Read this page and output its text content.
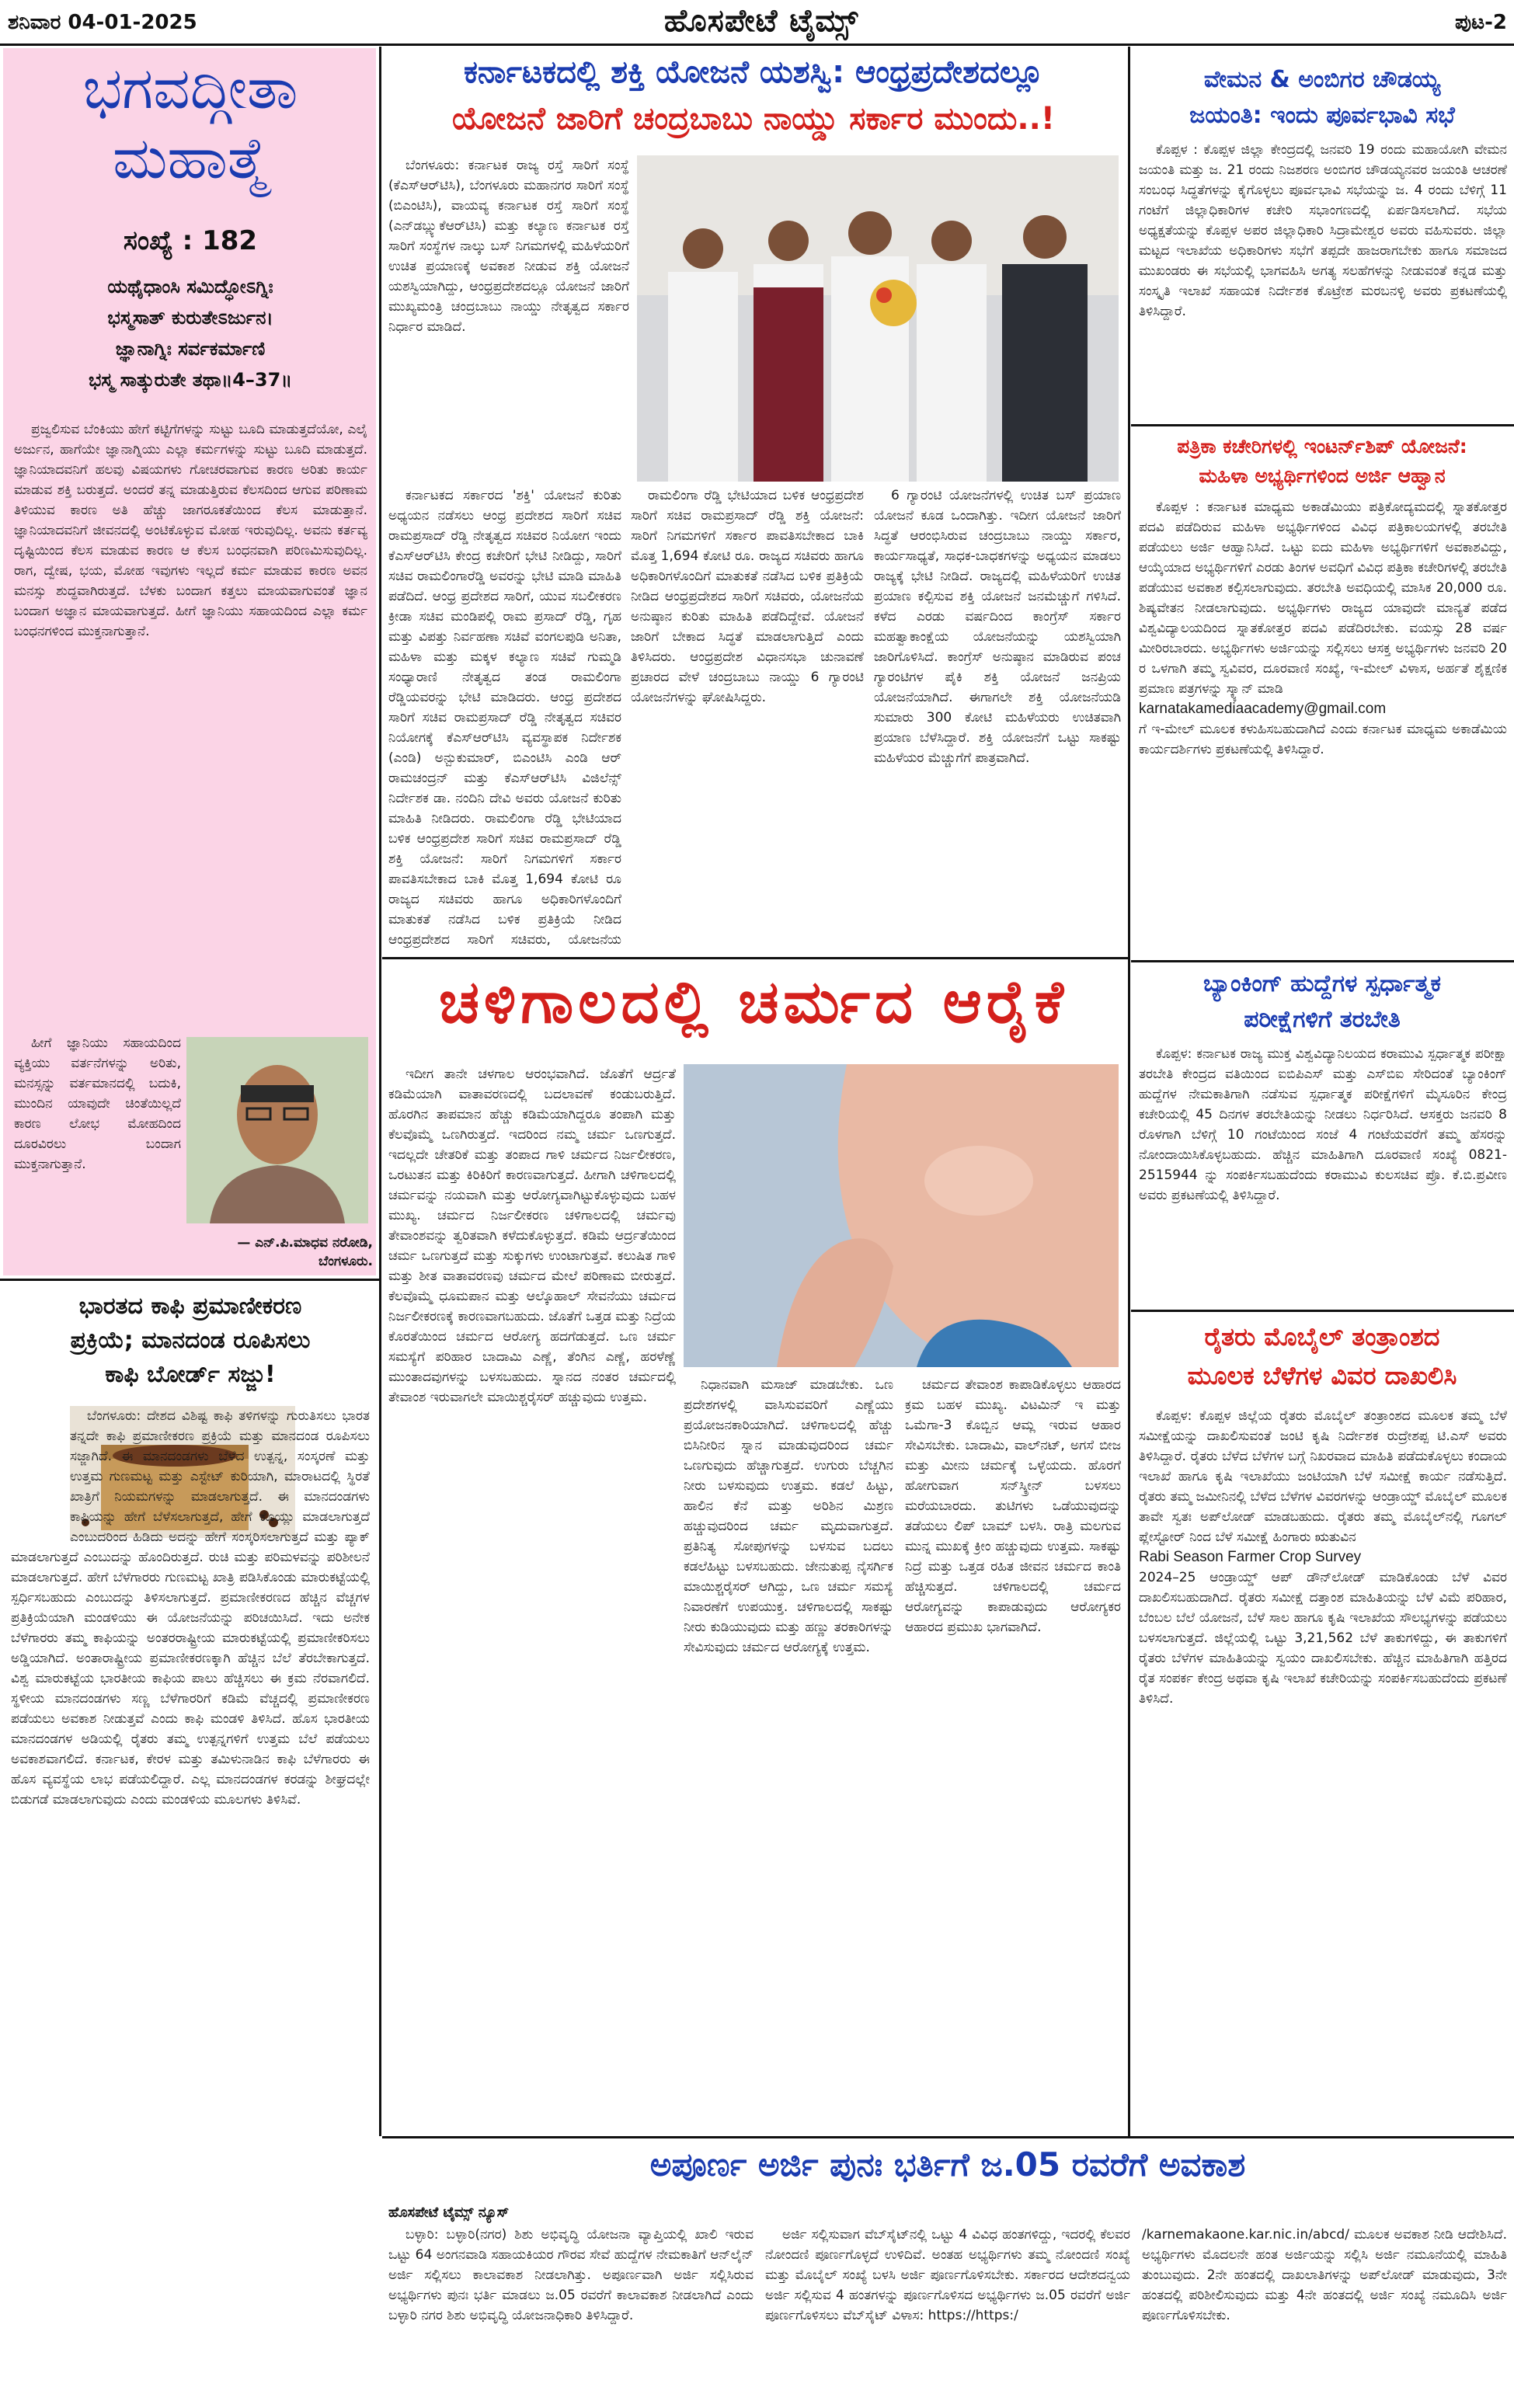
ಶನಿವಾರ 04-01-2025	ಹೊಸಪೇಟೆ ಟೈಮ್ಸ್	ಪುಟ-2
ಭಗವದ್ಗೀತಾ
ಮಹಾತ್ಮೆ
ಸಂಖ್ಯೆ : 182
ಯಥೈಧಾಂಸಿ ಸಮಿದ್ಧೋಽಗ್ನಿಃ
ಭಸ್ಮಸಾತ್ ಕುರುತೇಽರ್ಜುನ।
ಜ್ಞಾನಾಗ್ನಿಃ ಸರ್ವಕರ್ಮಾಣಿ
ಭಸ್ಮ ಸಾತ್ಕುರುತೇ ತಥಾ॥4–37॥

ಪ್ರಜ್ವಲಿಸುವ ಬೆಂಕಿಯು ಹೇಗೆ ಕಟ್ಟಿಗೆಗಳನ್ನು ಸುಟ್ಟು ಬೂದಿ ಮಾಡುತ್ತದೆಯೋ, ಎಲೈ ಅರ್ಜುನ, ಹಾಗೆಯೇ ಜ್ಞಾನಾಗ್ನಿಯು ಎಲ್ಲಾ ಕರ್ಮಗಳನ್ನು ಸುಟ್ಟು ಬೂದಿ ಮಾಡುತ್ತದೆ. ಜ್ಞಾನಿಯಾದವನಿಗೆ ಹಲವು ವಿಷಯಗಳು ಗೋಚರವಾಗುವ ಕಾರಣ ಅರಿತು ಕಾರ್ಯ ಮಾಡುವ ಶಕ್ತಿ ಬರುತ್ತದೆ. ಅಂದರೆ ತನ್ನ ಮಾಡುತ್ತಿರುವ ಕೆಲಸದಿಂದ ಆಗುವ ಪರಿಣಾಮ ತಿಳಿಯುವ ಕಾರಣ ಅತಿ ಹೆಚ್ಚು ಜಾಗರೂಕತೆಯಿಂದ ಕೆಲಸ ಮಾಡುತ್ತಾನೆ. ಜ್ಞಾನಿಯಾದವನಿಗೆ ಜೀವನದಲ್ಲಿ ಅಂಟಿಕೊಳ್ಳುವ ಮೋಹ ಇರುವುದಿಲ್ಲ. ಅವನು ಕರ್ತವ್ಯ ದೃಷ್ಟಿಯಿಂದ ಕೆಲಸ ಮಾಡುವ ಕಾರಣ ಆ ಕೆಲಸ ಬಂಧನವಾಗಿ ಪರಿಣಮಿಸುವುದಿಲ್ಲ. ರಾಗ, ದ್ವೇಷ, ಭಯ, ಮೋಹ ಇವುಗಳು ಇಲ್ಲದೆ ಕರ್ಮ ಮಾಡುವ ಕಾರಣ ಅವನ ಮನಸ್ಸು ಶುದ್ಧವಾಗಿರುತ್ತದೆ. ಬೆಳಕು ಬಂದಾಗ ಕತ್ತಲು ಮಾಯವಾಗುವಂತೆ ಜ್ಞಾನ ಬಂದಾಗ ಅಜ್ಞಾನ ಮಾಯವಾಗುತ್ತದೆ. ಹೀಗೆ ಜ್ಞಾನಿಯು ಸಹಾಯದಿಂದ ಎಲ್ಲಾ ಕರ್ಮ ಬಂಧನಗಳಿಂದ ಮುಕ್ತನಾಗುತ್ತಾನೆ.

ಹೀಗೆ ಜ್ಞಾನಿಯು ಸಹಾಯದಿಂದ ವ್ಯಕ್ತಿಯು ವರ್ತನೆಗಳನ್ನು ಅರಿತು, ಮನಸ್ಸನ್ನು ವರ್ತಮಾನದಲ್ಲಿ ಬದುಕಿ, ಮುಂದಿನ ಯಾವುದೇ ಚಿಂತೆಯಿಲ್ಲದೆ ಕಾರಣ ಲೋಭ ಮೋಹದಿಂದ ದೂರವಿರಲು ಬಂದಾಗ ಮುಕ್ತನಾಗುತ್ತಾನೆ.

— ಎನ್.ಪಿ.ಮಾಧವ ನರೋಡಿ,
ಬೆಂಗಳೂರು.
ಭಾರತದ ಕಾಫಿ ಪ್ರಮಾಣೀಕರಣ
ಪ್ರಕ್ರಿಯೆ; ಮಾನದಂಡ ರೂಪಿಸಲು
ಕಾಫಿ ಬೋರ್ಡ್ ಸಜ್ಜು!

ಬೆಂಗಳೂರು: ದೇಶದ ವಿಶಿಷ್ಟ ಕಾಫಿ ತಳಿಗಳನ್ನು ಗುರುತಿಸಲು ಭಾರತ ತನ್ನದೇ ಕಾಫಿ ಪ್ರಮಾಣೀಕರಣ ಪ್ರಕ್ರಿಯೆ ಮತ್ತು ಮಾನದಂಡ ರೂಪಿಸಲು ಸಜ್ಜಾಗಿದೆ. ಈ ಮಾನದಂಡಗಳು ಬೆಳೆದ ಉತ್ಪನ್ನ, ಸಂಸ್ಕರಣೆ ಮತ್ತು ಉತ್ತಮ ಗುಣಮಟ್ಟ ಮತ್ತು ಎಸ್ಟೇಟ್ ಕುರಿಯಾಗಿ, ಮಾರಾಟದಲ್ಲಿ ಸ್ಥಿರತೆ ಖಾತ್ರಿಗೆ ನಿಯಮಗಳನ್ನು ಮಾಡಲಾಗುತ್ತದೆ. ಈ ಮಾನದಂಡಗಳು ಕಾಫಿಯನ್ನು ಹೇಗೆ ಬೆಳೆಸಲಾಗುತ್ತದೆ, ಹೇಗೆ ಕೊಯ್ಲು ಮಾಡಲಾಗುತ್ತದೆ ಎಂಬುದರಿಂದ ಹಿಡಿದು ಅದನ್ನು ಹೇಗೆ ಸಂಸ್ಕರಿಸಲಾಗುತ್ತದೆ ಮತ್ತು ಪ್ಯಾಕ್ ಮಾಡಲಾಗುತ್ತದೆ ಎಂಬುದನ್ನು ಹೊಂದಿರುತ್ತದೆ. ರುಚಿ ಮತ್ತು ಪರಿಮಳವನ್ನು ಪರಿಶೀಲನೆ ಮಾಡಲಾಗುತ್ತದೆ. ಹೇಗೆ ಬೆಳೆಗಾರರು ಗುಣಮಟ್ಟ ಖಾತ್ರಿ ಪಡಿಸಿಕೊಂಡು ಮಾರುಕಟ್ಟೆಯಲ್ಲಿ ಸ್ಪರ್ಧಿಸಬಹುದು ಎಂಬುದನ್ನು ತಿಳಿಸಲಾಗುತ್ತದೆ. ಪ್ರಮಾಣೀಕರಣದ ಹೆಚ್ಚಿನ ವೆಚ್ಚಗಳ ಪ್ರತಿಕ್ರಿಯೆಯಾಗಿ ಮಂಡಳಿಯು ಈ ಯೋಜನೆಯನ್ನು ಪರಿಚಯಿಸಿದೆ. ಇದು ಅನೇಕ ಬೆಳೆಗಾರರು ತಮ್ಮ ಕಾಫಿಯನ್ನು ಅಂತರರಾಷ್ಟ್ರೀಯ ಮಾರುಕಟ್ಟೆಯಲ್ಲಿ ಪ್ರಮಾಣೀಕರಿಸಲು ಅಡ್ಡಿಯಾಗಿದೆ. ಅಂತಾರಾಷ್ಟ್ರೀಯ ಪ್ರಮಾಣೀಕರಣಕ್ಕಾಗಿ ಹೆಚ್ಚಿನ ಬೆಲೆ ತೆರಬೇಕಾಗುತ್ತದೆ. ವಿಶ್ವ ಮಾರುಕಟ್ಟೆಯ ಭಾರತೀಯ ಕಾಫಿಯ ಪಾಲು ಹೆಚ್ಚಿಸಲು ಈ ಕ್ರಮ ನೆರವಾಗಲಿದೆ. ಸ್ಥಳೀಯ ಮಾನದಂಡಗಳು ಸಣ್ಣ ಬೆಳೆಗಾರರಿಗೆ ಕಡಿಮೆ ವೆಚ್ಚದಲ್ಲಿ ಪ್ರಮಾಣೀಕರಣ ಪಡೆಯಲು ಅವಕಾಶ ನೀಡುತ್ತವೆ ಎಂದು ಕಾಫಿ ಮಂಡಳಿ ತಿಳಿಸಿದೆ. ಹೊಸ ಭಾರತೀಯ ಮಾನದಂಡಗಳ ಅಡಿಯಲ್ಲಿ ರೈತರು ತಮ್ಮ ಉತ್ಪನ್ನಗಳಿಗೆ ಉತ್ತಮ ಬೆಲೆ ಪಡೆಯಲು ಅವಕಾಶವಾಗಲಿದೆ. ಕರ್ನಾಟಕ, ಕೇರಳ ಮತ್ತು ತಮಿಳುನಾಡಿನ ಕಾಫಿ ಬೆಳೆಗಾರರು ಈ ಹೊಸ ವ್ಯವಸ್ಥೆಯ ಲಾಭ ಪಡೆಯಲಿದ್ದಾರೆ. ಎಲ್ಲ ಮಾನದಂಡಗಳ ಕರಡನ್ನು ಶೀಘ್ರದಲ್ಲೇ ಬಿಡುಗಡೆ ಮಾಡಲಾಗುವುದು ಎಂದು ಮಂಡಳಿಯ ಮೂಲಗಳು ತಿಳಿಸಿವೆ.

ಕರ್ನಾಟಕದಲ್ಲಿ ಶಕ್ತಿ ಯೋಜನೆ ಯಶಸ್ವಿ: ಆಂಧ್ರಪ್ರದೇಶದಲ್ಲೂ
ಯೋಜನೆ ಜಾರಿಗೆ ಚಂದ್ರಬಾಬು ನಾಯ್ಡು ಸರ್ಕಾರ ಮುಂದು..!

ಬೆಂಗಳೂರು: ಕರ್ನಾಟಕ ರಾಜ್ಯ ರಸ್ತೆ ಸಾರಿಗೆ ಸಂಸ್ಥೆ (ಕೆಎಸ್‌ಆರ್‌ಟಿಸಿ), ಬೆಂಗಳೂರು ಮಹಾನಗರ ಸಾರಿಗೆ ಸಂಸ್ಥೆ (ಬಿಎಂಟಿಸಿ), ವಾಯವ್ಯ ಕರ್ನಾಟಕ ರಸ್ತೆ ಸಾರಿಗೆ ಸಂಸ್ಥೆ (ಎನ್‌ಡಬ್ಲ್ಯುಕೆಆರ್‌ಟಿಸಿ) ಮತ್ತು ಕಲ್ಯಾಣ ಕರ್ನಾಟಕ ರಸ್ತೆ ಸಾರಿಗೆ ಸಂಸ್ಥೆಗಳ ನಾಲ್ಕು ಬಸ್ ನಿಗಮಗಳಲ್ಲಿ ಮಹಿಳೆಯರಿಗೆ ಉಚಿತ ಪ್ರಯಾಣಕ್ಕೆ ಅವಕಾಶ ನೀಡುವ ಶಕ್ತಿ ಯೋಜನೆ ಯಶಸ್ವಿಯಾಗಿದ್ದು, ಆಂಧ್ರಪ್ರದೇಶದಲ್ಲೂ ಯೋಜನೆ ಜಾರಿಗೆ ಮುಖ್ಯಮಂತ್ರಿ ಚಂದ್ರಬಾಬು ನಾಯ್ಡು ನೇತೃತ್ವದ ಸರ್ಕಾರ ನಿರ್ಧಾರ ಮಾಡಿದೆ.

ಕರ್ನಾಟಕದ ಸರ್ಕಾರದ 'ಶಕ್ತಿ' ಯೋಜನೆ ಕುರಿತು ಅಧ್ಯಯನ ನಡೆಸಲು ಆಂಧ್ರ ಪ್ರದೇಶದ ಸಾರಿಗೆ ಸಚಿವ ರಾಮಪ್ರಸಾದ್ ರೆಡ್ಡಿ ನೇತೃತ್ವದ ಸಚಿವರ ನಿಯೋಗ ಇಂದು ಕೆಎಸ್‌ಆರ್‌ಟಿಸಿ ಕೇಂದ್ರ ಕಚೇರಿಗೆ ಭೇಟಿ ನೀಡಿದ್ದು, ಸಾರಿಗೆ ಸಚಿವ ರಾಮಲಿಂಗಾರೆಡ್ಡಿ ಅವರನ್ನು ಭೇಟಿ ಮಾಡಿ ಮಾಹಿತಿ ಪಡೆದಿದೆ. ಆಂಧ್ರ ಪ್ರದೇಶದ ಸಾರಿಗೆ, ಯುವ ಸಬಲೀಕರಣ ಕ್ರೀಡಾ ಸಚಿವ ಮಂಡಿಪಲ್ಲಿ ರಾಮ ಪ್ರಸಾದ್ ರೆಡ್ಡಿ, ಗೃಹ ಮತ್ತು ವಿಪತ್ತು ನಿರ್ವಹಣಾ ಸಚಿವೆ ವಂಗಲಪುಡಿ ಅನಿತಾ, ಮಹಿಳಾ ಮತ್ತು ಮಕ್ಕಳ ಕಲ್ಯಾಣ ಸಚಿವೆ ಗುಮ್ಮಡಿ ಸಂಧ್ಯಾರಾಣಿ ನೇತೃತ್ವದ ತಂಡ ರಾಮಲಿಂಗಾ ರೆಡ್ಡಿಯವರನ್ನು ಭೇಟಿ ಮಾಡಿದರು. ಆಂಧ್ರ ಪ್ರದೇಶದ ಸಾರಿಗೆ ಸಚಿವ ರಾಮಪ್ರಸಾದ್ ರೆಡ್ಡಿ ನೇತೃತ್ವದ ಸಚಿವರ ನಿಯೋಗಕ್ಕೆ ಕೆಎಸ್‌ಆರ್‌ಟಿಸಿ ವ್ಯವಸ್ಥಾಪಕ ನಿರ್ದೇಶಕ (ಎಂಡಿ) ಅನ್ಬುಕುಮಾರ್, ಬಿಎಂಟಿಸಿ ಎಂಡಿ ಆರ್ ರಾಮಚಂದ್ರನ್ ಮತ್ತು ಕೆಎಸ್‌ಆರ್‌ಟಿಸಿ ವಿಜಿಲೆನ್ಸ್ ನಿರ್ದೇಶಕ ಡಾ. ನಂದಿನಿ ದೇವಿ ಅವರು ಯೋಜನೆ ಕುರಿತು ಮಾಹಿತಿ ನೀಡಿದರು. ರಾಮಲಿಂಗಾ ರೆಡ್ಡಿ ಭೇಟಿಯಾದ ಬಳಿಕ ಆಂಧ್ರಪ್ರದೇಶ ಸಾರಿಗೆ ಸಚಿವ ರಾಮಪ್ರಸಾದ್ ರೆಡ್ಡಿ ಶಕ್ತಿ ಯೋಜನೆ: ಸಾರಿಗೆ ನಿಗಮಗಳಿಗೆ ಸರ್ಕಾರ ಪಾವತಿಸಬೇಕಾದ ಬಾಕಿ ಮೊತ್ತ 1,694 ಕೋಟಿ ರೂ ರಾಜ್ಯದ ಸಚಿವರು ಹಾಗೂ ಅಧಿಕಾರಿಗಳೊಂದಿಗೆ ಮಾತುಕತೆ ನಡೆಸಿದ ಬಳಿಕ ಪ್ರತಿಕ್ರಿಯೆ ನೀಡಿದ ಆಂಧ್ರಪ್ರದೇಶದ ಸಾರಿಗೆ ಸಚಿವರು, ಯೋಜನೆಯ

ರಾಮಲಿಂಗಾ ರೆಡ್ಡಿ ಭೇಟಿಯಾದ ಬಳಿಕ ಆಂಧ್ರಪ್ರದೇಶ ಸಾರಿಗೆ ಸಚಿವ ರಾಮಪ್ರಸಾದ್ ರೆಡ್ಡಿ ಶಕ್ತಿ ಯೋಜನೆ: ಸಾರಿಗೆ ನಿಗಮಗಳಿಗೆ ಸರ್ಕಾರ ಪಾವತಿಸಬೇಕಾದ ಬಾಕಿ ಮೊತ್ತ 1,694 ಕೋಟಿ ರೂ. ರಾಜ್ಯದ ಸಚಿವರು ಹಾಗೂ ಅಧಿಕಾರಿಗಳೊಂದಿಗೆ ಮಾತುಕತೆ ನಡೆಸಿದ ಬಳಿಕ ಪ್ರತಿಕ್ರಿಯೆ ನೀಡಿದ ಆಂಧ್ರಪ್ರದೇಶದ ಸಾರಿಗೆ ಸಚಿವರು, ಯೋಜನೆಯ ಅನುಷ್ಠಾನ ಕುರಿತು ಮಾಹಿತಿ ಪಡೆದಿದ್ದೇವೆ. ಯೋಜನೆ ಜಾರಿಗೆ ಬೇಕಾದ ಸಿದ್ಧತೆ ಮಾಡಲಾಗುತ್ತಿದೆ ಎಂದು ತಿಳಿಸಿದರು. ಆಂಧ್ರಪ್ರದೇಶ ವಿಧಾನಸಭಾ ಚುನಾವಣೆ ಪ್ರಚಾರದ ವೇಳೆ ಚಂದ್ರಬಾಬು ನಾಯ್ಡು 6 ಗ್ಯಾರಂಟಿ ಯೋಜನೆಗಳನ್ನು ಘೋಷಿಸಿದ್ದರು.

6 ಗ್ಯಾರಂಟಿ ಯೋಜನೆಗಳಲ್ಲಿ ಉಚಿತ ಬಸ್ ಪ್ರಯಾಣ ಯೋಜನೆ ಕೂಡ ಒಂದಾಗಿತ್ತು. ಇದೀಗ ಯೋಜನೆ ಜಾರಿಗೆ ಸಿದ್ಧತೆ ಆರಂಭಿಸಿರುವ ಚಂದ್ರಬಾಬು ನಾಯ್ಡು ಸರ್ಕಾರ, ಕಾರ್ಯಸಾಧ್ಯತೆ, ಸಾಧಕ-ಬಾಧಕಗಳನ್ನು ಅಧ್ಯಯನ ಮಾಡಲು ರಾಜ್ಯಕ್ಕೆ ಭೇಟಿ ನೀಡಿದೆ. ರಾಜ್ಯದಲ್ಲಿ ಮಹಿಳೆಯರಿಗೆ ಉಚಿತ ಪ್ರಯಾಣ ಕಲ್ಪಿಸುವ ಶಕ್ತಿ ಯೋಜನೆ ಜನಮೆಚ್ಚುಗೆ ಗಳಿಸಿದೆ. ಕಳೆದ ಎರಡು ವರ್ಷದಿಂದ ಕಾಂಗ್ರೆಸ್ ಸರ್ಕಾರ ಮಹತ್ವಾಕಾಂಕ್ಷೆಯ ಯೋಜನೆಯನ್ನು ಯಶಸ್ವಿಯಾಗಿ ಜಾರಿಗೊಳಿಸಿದೆ. ಕಾಂಗ್ರೆಸ್ ಅನುಷ್ಠಾನ ಮಾಡಿರುವ ಪಂಚ ಗ್ಯಾರಂಟಿಗಳ ಪೈಕಿ ಶಕ್ತಿ ಯೋಜನೆ ಜನಪ್ರಿಯ ಯೋಜನೆಯಾಗಿದೆ. ಈಗಾಗಲೇ ಶಕ್ತಿ ಯೋಜನೆಯಡಿ ಸುಮಾರು 300 ಕೋಟಿ ಮಹಿಳೆಯರು ಉಚಿತವಾಗಿ ಪ್ರಯಾಣ ಬೆಳೆಸಿದ್ದಾರೆ. ಶಕ್ತಿ ಯೋಜನೆಗೆ ಒಟ್ಟು ಸಾಕಷ್ಟು ಮಹಿಳೆಯರ ಮೆಚ್ಚುಗೆಗೆ ಪಾತ್ರವಾಗಿದೆ.

ಚಳಿಗಾಲದಲ್ಲಿ ಚರ್ಮದ ಆರೈಕೆ

ಇದೀಗ ತಾನೇ ಚಳಗಾಲ ಆರಂಭವಾಗಿದೆ. ಜೊತೆಗೆ ಆರ್ದ್ರತೆ ಕಡಿಮೆಯಾಗಿ ವಾತಾವರಣದಲ್ಲಿ ಬದಲಾವಣೆ ಕಂಡುಬರುತ್ತಿದೆ. ಹೊರಗಿನ ತಾಪಮಾನ ಹೆಚ್ಚು ಕಡಿಮೆಯಾಗಿದ್ದರೂ ತಂಪಾಗಿ ಮತ್ತು ಕೆಲವೊಮ್ಮೆ ಒಣಗಿರುತ್ತದೆ. ಇದರಿಂದ ನಮ್ಮ ಚರ್ಮ ಒಣಗುತ್ತದೆ. ಇದಲ್ಲದೇ ಚೇತರಿಕೆ ಮತ್ತು ತಂಪಾದ ಗಾಳಿ ಚರ್ಮದ ನಿರ್ಜಲೀಕರಣ, ಒರಟುತನ ಮತ್ತು ಕಿರಿಕಿರಿಗೆ ಕಾರಣವಾಗುತ್ತದೆ. ಹೀಗಾಗಿ ಚಳಿಗಾಲದಲ್ಲಿ ಚರ್ಮವನ್ನು ನಯವಾಗಿ ಮತ್ತು ಆರೋಗ್ಯವಾಗಿಟ್ಟುಕೊಳ್ಳುವುದು ಬಹಳ ಮುಖ್ಯ. ಚರ್ಮದ ನಿರ್ಜಲೀಕರಣ ಚಳಿಗಾಲದಲ್ಲಿ ಚರ್ಮವು ತೇವಾಂಶವನ್ನು ತ್ವರಿತವಾಗಿ ಕಳೆದುಕೊಳ್ಳುತ್ತದೆ. ಕಡಿಮೆ ಆರ್ದ್ರತೆಯಿಂದ ಚರ್ಮ ಒಣಗುತ್ತದೆ ಮತ್ತು ಸುಕ್ಕುಗಳು ಉಂಟಾಗುತ್ತವೆ. ಕಲುಷಿತ ಗಾಳಿ ಮತ್ತು ಶೀತ ವಾತಾವರಣವು ಚರ್ಮದ ಮೇಲೆ ಪರಿಣಾಮ ಬೀರುತ್ತದೆ. ಕೆಲವೊಮ್ಮೆ ಧೂಮಪಾನ ಮತ್ತು ಆಲ್ಕೊಹಾಲ್ ಸೇವನೆಯು ಚರ್ಮದ ನಿರ್ಜಲೀಕರಣಕ್ಕೆ ಕಾರಣವಾಗಬಹುದು. ಜೊತೆಗೆ ಒತ್ತಡ ಮತ್ತು ನಿದ್ರೆಯ ಕೊರತೆಯಿಂದ ಚರ್ಮದ ಆರೋಗ್ಯ ಹದಗೆಡುತ್ತದೆ. ಒಣ ಚರ್ಮ ಸಮಸ್ಯೆಗೆ ಪರಿಹಾರ ಬಾದಾಮಿ ಎಣ್ಣೆ, ತೆಂಗಿನ ಎಣ್ಣೆ, ಹರಳೆಣ್ಣೆ ಮುಂತಾದವುಗಳನ್ನು ಬಳಸಬಹುದು. ಸ್ನಾನದ ನಂತರ ಚರ್ಮದಲ್ಲಿ ತೇವಾಂಶ ಇರುವಾಗಲೇ ಮಾಯಿಶ್ಚರೈಸರ್ ಹಚ್ಚುವುದು ಉತ್ತಮ.

ನಿಧಾನವಾಗಿ ಮಸಾಜ್ ಮಾಡಬೇಕು. ಒಣ ಪ್ರದೇಶಗಳಲ್ಲಿ ವಾಸಿಸುವವರಿಗೆ ಎಣ್ಣೆಯು ಪ್ರಯೋಜನಕಾರಿಯಾಗಿದೆ. ಚಳಿಗಾಲದಲ್ಲಿ ಹೆಚ್ಚು ಬಿಸಿನೀರಿನ ಸ್ನಾನ ಮಾಡುವುದರಿಂದ ಚರ್ಮ ಒಣಗುವುದು ಹೆಚ್ಚಾಗುತ್ತದೆ. ಉಗುರು ಬೆಚ್ಚಗಿನ ನೀರು ಬಳಸುವುದು ಉತ್ತಮ. ಕಡಲೆ ಹಿಟ್ಟು, ಹಾಲಿನ ಕೆನೆ ಮತ್ತು ಅರಿಶಿನ ಮಿಶ್ರಣ ಹಚ್ಚುವುದರಿಂದ ಚರ್ಮ ಮೃದುವಾಗುತ್ತದೆ. ಪ್ರತಿನಿತ್ಯ ಸೋಪುಗಳನ್ನು ಬಳಸುವ ಬದಲು ಕಡಲೆಹಿಟ್ಟು ಬಳಸಬಹುದು. ಜೇನುತುಪ್ಪ ನೈಸರ್ಗಿಕ ಮಾಯಿಶ್ಚರೈಸರ್ ಆಗಿದ್ದು, ಒಣ ಚರ್ಮ ಸಮಸ್ಯೆ ನಿವಾರಣೆಗೆ ಉಪಯುಕ್ತ. ಚಳಿಗಾಲದಲ್ಲಿ ಸಾಕಷ್ಟು ನೀರು ಕುಡಿಯುವುದು ಮತ್ತು ಹಣ್ಣು ತರಕಾರಿಗಳನ್ನು ಸೇವಿಸುವುದು ಚರ್ಮದ ಆರೋಗ್ಯಕ್ಕೆ ಉತ್ತಮ.

ಚರ್ಮದ ತೇವಾಂಶ ಕಾಪಾಡಿಕೊಳ್ಳಲು ಆಹಾರದ ಕ್ರಮ ಬಹಳ ಮುಖ್ಯ. ವಿಟಮಿನ್ ಇ ಮತ್ತು ಒಮೆಗಾ-3 ಕೊಬ್ಬಿನ ಆಮ್ಲ ಇರುವ ಆಹಾರ ಸೇವಿಸಬೇಕು. ಬಾದಾಮಿ, ವಾಲ್‌ನಟ್, ಅಗಸೆ ಬೀಜ ಮತ್ತು ಮೀನು ಚರ್ಮಕ್ಕೆ ಒಳ್ಳೆಯದು. ಹೊರಗೆ ಹೋಗುವಾಗ ಸನ್‌ಸ್ಕ್ರೀನ್ ಬಳಸಲು ಮರೆಯಬಾರದು. ತುಟಿಗಳು ಒಡೆಯುವುದನ್ನು ತಡೆಯಲು ಲಿಪ್ ಬಾಮ್ ಬಳಸಿ. ರಾತ್ರಿ ಮಲಗುವ ಮುನ್ನ ಮುಖಕ್ಕೆ ಕ್ರೀಂ ಹಚ್ಚುವುದು ಉತ್ತಮ. ಸಾಕಷ್ಟು ನಿದ್ರೆ ಮತ್ತು ಒತ್ತಡ ರಹಿತ ಜೀವನ ಚರ್ಮದ ಕಾಂತಿ ಹೆಚ್ಚಿಸುತ್ತದೆ. ಚಳಿಗಾಲದಲ್ಲಿ ಚರ್ಮದ ಆರೋಗ್ಯವನ್ನು ಕಾಪಾಡುವುದು ಆರೋಗ್ಯಕರ ಆಹಾರದ ಪ್ರಮುಖ ಭಾಗವಾಗಿದೆ.

ವೇಮನ & ಅಂಬಿಗರ ಚೌಡಯ್ಯ
ಜಯಂತಿ: ಇಂದು ಪೂರ್ವಭಾವಿ ಸಭೆ

ಕೊಪ್ಪಳ : ಕೊಪ್ಪಳ ಜಿಲ್ಲಾ ಕೇಂದ್ರದಲ್ಲಿ ಜನವರಿ 19 ರಂದು ಮಹಾಯೋಗಿ ವೇಮನ ಜಯಂತಿ ಮತ್ತು ಜ. 21 ರಂದು ನಿಜಶರಣ ಅಂಬಿಗರ ಚೌಡಯ್ಯನವರ ಜಯಂತಿ ಆಚರಣೆ ಸಂಬಂಧ ಸಿದ್ಧತೆಗಳನ್ನು ಕೈಗೊಳ್ಳಲು ಪೂರ್ವಭಾವಿ ಸಭೆಯನ್ನು ಜ. 4 ರಂದು ಬೆಳಿಗ್ಗೆ 11 ಗಂಟೆಗೆ ಜಿಲ್ಲಾಧಿಕಾರಿಗಳ ಕಚೇರಿ ಸಭಾಂಗಣದಲ್ಲಿ ಏರ್ಪಡಿಸಲಾಗಿದೆ. ಸಭೆಯ ಅಧ್ಯಕ್ಷತೆಯನ್ನು ಕೊಪ್ಪಳ ಅಪರ ಜಿಲ್ಲಾಧಿಕಾರಿ ಸಿದ್ರಾಮೇಶ್ವರ ಅವರು ವಹಿಸುವರು. ಜಿಲ್ಲಾ ಮಟ್ಟದ ಇಲಾಖೆಯ ಅಧಿಕಾರಿಗಳು ಸಭೆಗೆ ತಪ್ಪದೇ ಹಾಜರಾಗಬೇಕು ಹಾಗೂ ಸಮಾಜದ ಮುಖಂಡರು ಈ ಸಭೆಯಲ್ಲಿ ಭಾಗವಹಿಸಿ ಅಗತ್ಯ ಸಲಹೆಗಳನ್ನು ನೀಡುವಂತೆ ಕನ್ನಡ ಮತ್ತು ಸಂಸ್ಕೃತಿ ಇಲಾಖೆ ಸಹಾಯಕ ನಿರ್ದೇಶಕ ಕೊಟ್ರೇಶ ಮರಬನಳ್ಳಿ ಅವರು ಪ್ರಕಟಣೆಯಲ್ಲಿ ತಿಳಿಸಿದ್ದಾರೆ.

ಪತ್ರಿಕಾ ಕಚೇರಿಗಳಲ್ಲಿ ಇಂಟರ್ನ್‌ಶಿಪ್ ಯೋಜನೆ:
ಮಹಿಳಾ ಅಭ್ಯರ್ಥಿಗಳಿಂದ ಅರ್ಜಿ ಆಹ್ವಾನ

ಕೊಪ್ಪಳ : ಕರ್ನಾಟಕ ಮಾಧ್ಯಮ ಅಕಾಡೆಮಿಯು ಪತ್ರಿಕೋದ್ಯಮದಲ್ಲಿ ಸ್ನಾತಕೋತ್ತರ ಪದವಿ ಪಡೆದಿರುವ ಮಹಿಳಾ ಅಭ್ಯರ್ಥಿಗಳಿಂದ ವಿವಿಧ ಪತ್ರಿಕಾಲಯಗಳಲ್ಲಿ ತರಬೇತಿ ಪಡೆಯಲು ಅರ್ಜಿ ಆಹ್ವಾನಿಸಿದೆ. ಒಟ್ಟು ಐದು ಮಹಿಳಾ ಅಭ್ಯರ್ಥಿಗಳಿಗೆ ಅವಕಾಶವಿದ್ದು, ಆಯ್ಕೆಯಾದ ಅಭ್ಯರ್ಥಿಗಳಿಗೆ ಎರಡು ತಿಂಗಳ ಅವಧಿಗೆ ವಿವಿಧ ಪತ್ರಿಕಾ ಕಚೇರಿಗಳಲ್ಲಿ ತರಬೇತಿ ಪಡೆಯುವ ಅವಕಾಶ ಕಲ್ಪಿಸಲಾಗುವುದು. ತರಬೇತಿ ಅವಧಿಯಲ್ಲಿ ಮಾಸಿಕ 20,000 ರೂ. ಶಿಷ್ಯವೇತನ ನೀಡಲಾಗುವುದು. ಅಭ್ಯರ್ಥಿಗಳು ರಾಜ್ಯದ ಯಾವುದೇ ಮಾನ್ಯತೆ ಪಡೆದ ವಿಶ್ವವಿದ್ಯಾಲಯದಿಂದ ಸ್ನಾತಕೋತ್ತರ ಪದವಿ ಪಡೆದಿರಬೇಕು. ವಯಸ್ಸು 28 ವರ್ಷ ಮೀರಿರಬಾರದು. ಅಭ್ಯರ್ಥಿಗಳು ಅರ್ಜಿಯನ್ನು ಸಲ್ಲಿಸಲು ಆಸಕ್ತ ಅಭ್ಯರ್ಥಿಗಳು ಜನವರಿ 20 ರ ಒಳಗಾಗಿ ತಮ್ಮ ಸ್ವವಿವರ, ದೂರವಾಣಿ ಸಂಖ್ಯೆ, ಇ-ಮೇಲ್ ವಿಳಾಸ, ಅರ್ಹತೆ ಶೈಕ್ಷಣಿಕ ಪ್ರಮಾಣ ಪತ್ರಗಳನ್ನು ಸ್ಕ್ಯಾನ್ ಮಾಡಿ

karnatakamediaacademy@gmail.com

ಗೆ ಇ-ಮೇಲ್ ಮೂಲಕ ಕಳುಹಿಸಬಹುದಾಗಿದೆ ಎಂದು ಕರ್ನಾಟಕ ಮಾಧ್ಯಮ ಅಕಾಡೆಮಿಯ ಕಾರ್ಯದರ್ಶಿಗಳು ಪ್ರಕಟಣೆಯಲ್ಲಿ ತಿಳಿಸಿದ್ದಾರೆ.

ಬ್ಯಾಂಕಿಂಗ್ ಹುದ್ದೆಗಳ ಸ್ಪರ್ಧಾತ್ಮಕ
ಪರೀಕ್ಷೆಗಳಿಗೆ ತರಬೇತಿ

ಕೊಪ್ಪಳ: ಕರ್ನಾಟಕ ರಾಜ್ಯ ಮುಕ್ತ ವಿಶ್ವವಿದ್ಯಾನಿಲಯದ ಕರಾಮುವಿ ಸ್ಪರ್ಧಾತ್ಮಕ ಪರೀಕ್ಷಾ ತರಬೇತಿ ಕೇಂದ್ರದ ವತಿಯಿಂದ ಐಬಿಪಿಎಸ್ ಮತ್ತು ಎಸ್‌ಬಿಐ ಸೇರಿದಂತೆ ಬ್ಯಾಂಕಿಂಗ್ ಹುದ್ದೆಗಳ ನೇಮಕಾತಿಗಾಗಿ ನಡೆಸುವ ಸ್ಪರ್ಧಾತ್ಮಕ ಪರೀಕ್ಷೆಗಳಿಗೆ ಮೈಸೂರಿನ ಕೇಂದ್ರ ಕಚೇರಿಯಲ್ಲಿ 45 ದಿನಗಳ ತರಬೇತಿಯನ್ನು ನೀಡಲು ನಿರ್ಧರಿಸಿದೆ. ಆಸಕ್ತರು ಜನವರಿ 8 ರೊಳಗಾಗಿ ಬೆಳಿಗ್ಗೆ 10 ಗಂಟೆಯಿಂದ ಸಂಜೆ 4 ಗಂಟೆಯವರೆಗೆ ತಮ್ಮ ಹೆಸರನ್ನು ನೋಂದಾಯಿಸಿಕೊಳ್ಳಬಹುದು. ಹೆಚ್ಚಿನ ಮಾಹಿತಿಗಾಗಿ ದೂರವಾಣಿ ಸಂಖ್ಯೆ 0821-2515944 ನ್ನು ಸಂಪರ್ಕಿಸಬಹುದೆಂದು ಕರಾಮುವಿ ಕುಲಸಚಿವ ಪ್ರೊ. ಕೆ.ಬಿ.ಪ್ರವೀಣ ಅವರು ಪ್ರಕಟಣೆಯಲ್ಲಿ ತಿಳಿಸಿದ್ದಾರೆ.

ರೈತರು ಮೊಬೈಲ್ ತಂತ್ರಾಂಶದ
ಮೂಲಕ ಬೆಳೆಗಳ ವಿವರ ದಾಖಲಿಸಿ

ಕೊಪ್ಪಳ: ಕೊಪ್ಪಳ ಜಿಲ್ಲೆಯ ರೈತರು ಮೊಬೈಲ್ ತಂತ್ರಾಂಶದ ಮೂಲಕ ತಮ್ಮ ಬೆಳೆ ಸಮೀಕ್ಷೆಯನ್ನು ದಾಖಲಿಸುವಂತೆ ಜಂಟಿ ಕೃಷಿ ನಿರ್ದೇಶಕ ರುದ್ರೇಶಪ್ಪ ಟಿ.ಎಸ್ ಅವರು ತಿಳಿಸಿದ್ದಾರೆ. ರೈತರು ಬೆಳೆದ ಬೆಳೆಗಳ ಬಗ್ಗೆ ನಿಖರವಾದ ಮಾಹಿತಿ ಪಡೆದುಕೊಳ್ಳಲು ಕಂದಾಯ ಇಲಾಖೆ ಹಾಗೂ ಕೃಷಿ ಇಲಾಖೆಯು ಜಂಟಿಯಾಗಿ ಬೆಳೆ ಸಮೀಕ್ಷೆ ಕಾರ್ಯ ನಡೆಸುತ್ತಿದೆ. ರೈತರು ತಮ್ಮ ಜಮೀನಿನಲ್ಲಿ ಬೆಳೆದ ಬೆಳೆಗಳ ವಿವರಗಳನ್ನು ಆಂಡ್ರಾಯ್ಡ್ ಮೊಬೈಲ್ ಮೂಲಕ ತಾವೇ ಸ್ವತಃ ಅಪ್‌ಲೋಡ್ ಮಾಡಬಹುದು. ರೈತರು ತಮ್ಮ ಮೊಬೈಲ್‌ನಲ್ಲಿ ಗೂಗಲ್ ಪ್ಲೇಸ್ಟೋರ್ ನಿಂದ ಬೆಳೆ ಸಮೀಕ್ಷೆ ಹಿಂಗಾರು ಋತುವಿನ

Rabi Season Farmer Crop Survey

2024–25 ಆಂಡ್ರಾಯ್ಡ್ ಆಪ್ ಡೌನ್‌ಲೋಡ್ ಮಾಡಿಕೊಂಡು ಬೆಳೆ ವಿವರ ದಾಖಲಿಸಬಹುದಾಗಿದೆ. ರೈತರು ಸಮೀಕ್ಷೆ ದತ್ತಾಂಶ ಮಾಹಿತಿಯನ್ನು ಬೆಳೆ ವಿಮೆ ಪರಿಹಾರ, ಬೆಂಬಲ ಬೆಲೆ ಯೋಜನೆ, ಬೆಳೆ ಸಾಲ ಹಾಗೂ ಕೃಷಿ ಇಲಾಖೆಯ ಸೌಲಭ್ಯಗಳನ್ನು ಪಡೆಯಲು ಬಳಸಲಾಗುತ್ತದೆ. ಜಿಲ್ಲೆಯಲ್ಲಿ ಒಟ್ಟು 3,21,562 ಬೆಳೆ ತಾಕುಗಳಿದ್ದು, ಈ ತಾಕುಗಳಿಗೆ ರೈತರು ಬೆಳೆಗಳ ಮಾಹಿತಿಯನ್ನು ಸ್ವಯಂ ದಾಖಲಿಸಬೇಕು. ಹೆಚ್ಚಿನ ಮಾಹಿತಿಗಾಗಿ ಹತ್ತಿರದ ರೈತ ಸಂಪರ್ಕ ಕೇಂದ್ರ ಅಥವಾ ಕೃಷಿ ಇಲಾಖೆ ಕಚೇರಿಯನ್ನು ಸಂಪರ್ಕಿಸಬಹುದೆಂದು ಪ್ರಕಟಣೆ ತಿಳಿಸಿದೆ.

ಅಪೂರ್ಣ ಅರ್ಜಿ ಪುನಃ ಭರ್ತಿಗೆ ಜ.05 ರವರೆಗೆ ಅವಕಾಶ
ಹೊಸಪೇಟೆ ಟೈಮ್ಸ್ ನ್ಯೂಸ್

ಬಳ್ಳಾರಿ: ಬಳ್ಳಾರಿ(ನಗರ) ಶಿಶು ಅಭಿವೃದ್ಧಿ ಯೋಜನಾ ವ್ಯಾಪ್ತಿಯಲ್ಲಿ ಖಾಲಿ ಇರುವ ಒಟ್ಟು 64 ಅಂಗನವಾಡಿ ಸಹಾಯಕಿಯರ ಗೌರವ ಸೇವೆ ಹುದ್ದೆಗಳ ನೇಮಕಾತಿಗೆ ಆನ್‌ಲೈನ್ ಅರ್ಜಿ ಸಲ್ಲಿಸಲು ಕಾಲಾವಕಾಶ ನೀಡಲಾಗಿತ್ತು. ಅಪೂರ್ಣವಾಗಿ ಅರ್ಜಿ ಸಲ್ಲಿಸಿರುವ ಅಭ್ಯರ್ಥಿಗಳು ಪುನಃ ಭರ್ತಿ ಮಾಡಲು ಜ.05 ರವರೆಗೆ ಕಾಲಾವಕಾಶ ನೀಡಲಾಗಿದೆ ಎಂದು ಬಳ್ಳಾರಿ ನಗರ ಶಿಶು ಅಭಿವೃದ್ಧಿ ಯೋಜನಾಧಿಕಾರಿ ತಿಳಿಸಿದ್ದಾರೆ.

ಅರ್ಜಿ ಸಲ್ಲಿಸುವಾಗ ವೆಬ್‌ಸೈಟ್‌ನಲ್ಲಿ ಒಟ್ಟು 4 ವಿವಿಧ ಹಂತಗಳಿದ್ದು, ಇದರಲ್ಲಿ ಕೆಲವರ ನೋಂದಣಿ ಪೂರ್ಣಗೊಳ್ಳದೆ ಉಳಿದಿವೆ. ಅಂತಹ ಅಭ್ಯರ್ಥಿಗಳು ತಮ್ಮ ನೋಂದಣಿ ಸಂಖ್ಯೆ ಮತ್ತು ಮೊಬೈಲ್ ಸಂಖ್ಯೆ ಬಳಸಿ ಅರ್ಜಿ ಪೂರ್ಣಗೊಳಿಸಬೇಕು. ಸರ್ಕಾರದ ಆದೇಶದನ್ವಯ ಅರ್ಜಿ ಸಲ್ಲಿಸುವ 4 ಹಂತಗಳನ್ನು ಪೂರ್ಣಗೊಳಿಸದ ಅಭ್ಯರ್ಥಿಗಳು ಜ.05 ರವರೆಗೆ ಅರ್ಜಿ ಪೂರ್ಣಗೊಳಿಸಲು ವೆಬ್‌ಸೈಟ್ ವಿಳಾಸ: https://https:/

/karnemakaone.kar.nic.in/abcd/ ಮೂಲಕ ಅವಕಾಶ ನೀಡಿ ಆದೇಶಿಸಿದೆ. ಅಭ್ಯರ್ಥಿಗಳು ಮೊದಲನೇ ಹಂತ ಅರ್ಜಿಯನ್ನು ಸಲ್ಲಿಸಿ ಅರ್ಜಿ ನಮೂನೆಯಲ್ಲಿ ಮಾಹಿತಿ ತುಂಬುವುದು. 2ನೇ ಹಂತದಲ್ಲಿ ದಾಖಲಾತಿಗಳನ್ನು ಅಪ್‌ಲೋಡ್ ಮಾಡುವುದು, 3ನೇ ಹಂತದಲ್ಲಿ ಪರಿಶೀಲಿಸುವುದು ಮತ್ತು 4ನೇ ಹಂತದಲ್ಲಿ ಅರ್ಜಿ ಸಂಖ್ಯೆ ನಮೂದಿಸಿ ಅರ್ಜಿ ಪೂರ್ಣಗೊಳಿಸಬೇಕು.
